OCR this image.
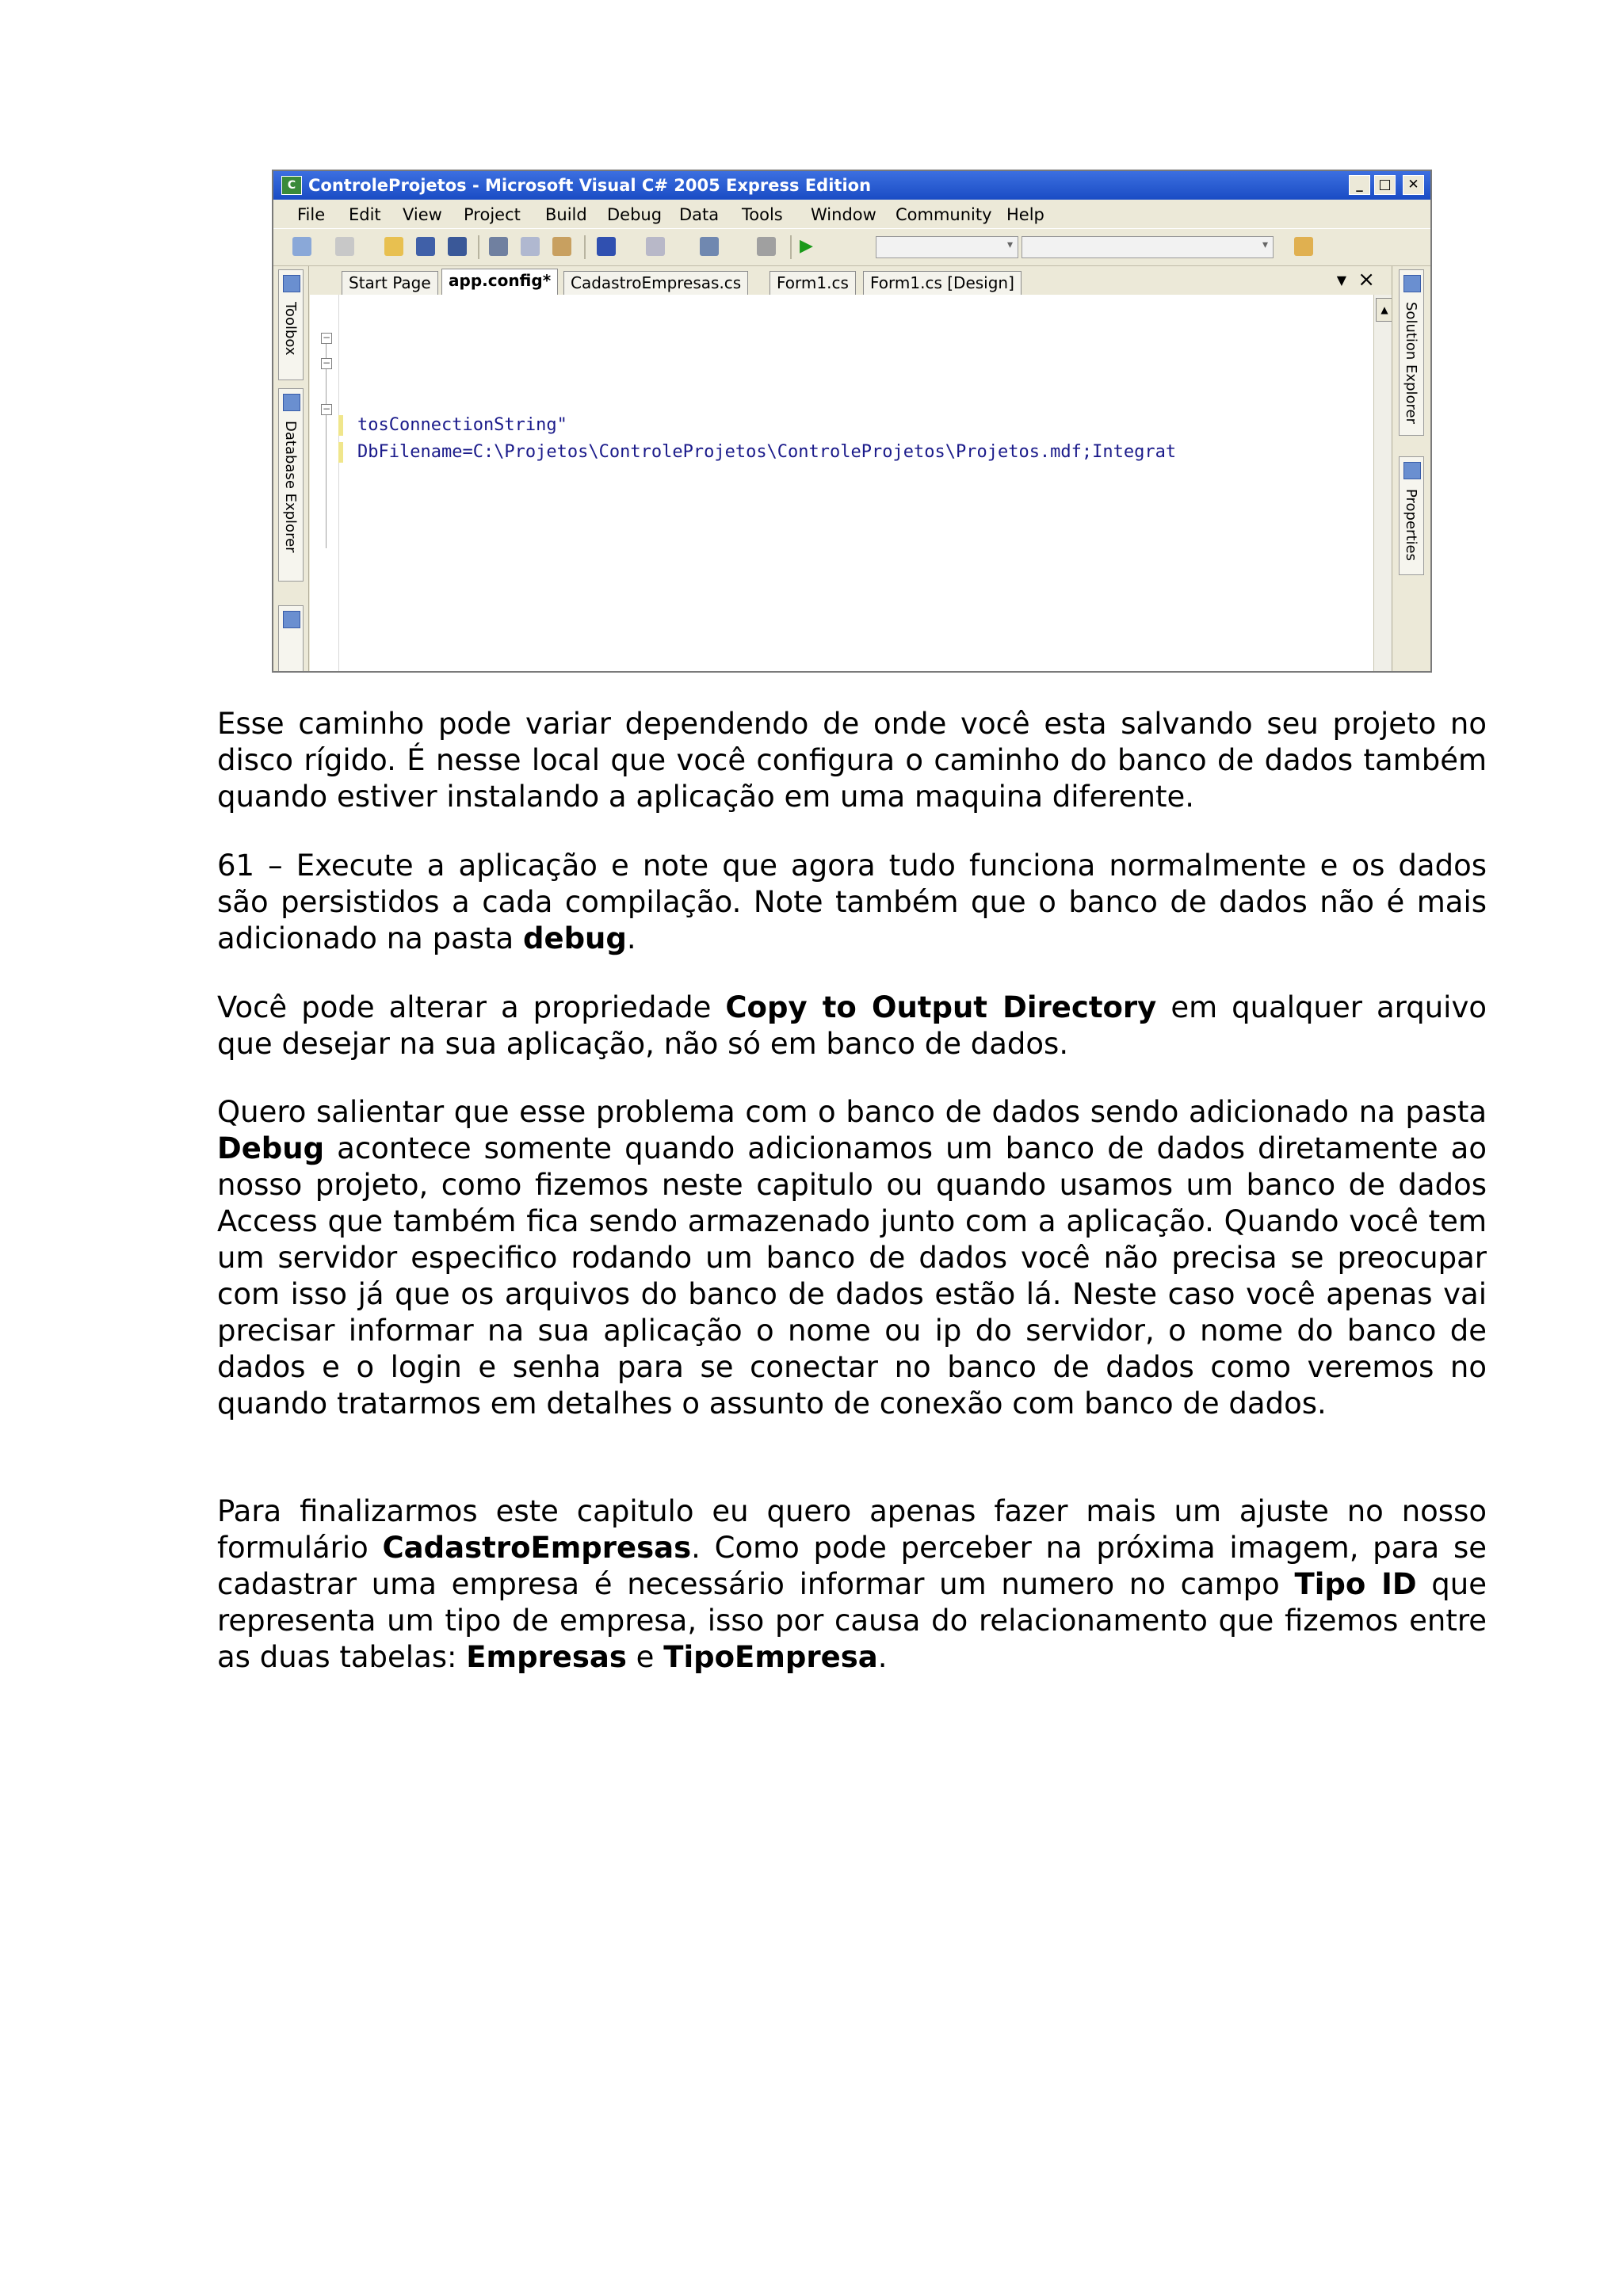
C ControleProjetos - Microsoft Visual C# 2005 Express Edition	_	□	✕
File Edit View Project Build Debug Data Tools Window Community Help
▶	▾	▾
Toolbox
Database Explorer
Start Page	app.config*	CadastroEmpresas.cs	Form1.cs	Form1.cs [Design]	▼ ×
−
−
−
tosConnectionString"
DbFilename=C:\Projetos\ControleProjetos\ControleProjetos\Projetos.mdf;Integrat
▲	Solution Explorer
Properties

Esse caminho pode variar dependendo de onde você esta salvando seu projeto no disco rígido. É nesse local que você configura o caminho do banco de dados também quando estiver instalando a aplicação em uma maquina diferente.

61 – Execute a aplicação e note que agora tudo funciona normalmente e os dados são persistidos a cada compilação. Note também que o banco de dados não é mais adicionado na pasta debug.

Você pode alterar a propriedade Copy to Output Directory em qualquer arquivo que desejar na sua aplicação, não só em banco de dados.

Quero salientar que esse problema com o banco de dados sendo adicionado na pasta Debug acontece somente quando adicionamos um banco de dados diretamente ao nosso projeto, como fizemos neste capitulo ou quando usamos um banco de dados Access que também fica sendo armazenado junto com a aplicação. Quando você tem um servidor especifico rodando um banco de dados você não precisa se preocupar com isso já que os arquivos do banco de dados estão lá. Neste caso você apenas vai precisar informar na sua aplicação o nome ou ip do servidor, o nome do banco de dados e o login e senha para se conectar no banco de dados como veremos no quando tratarmos em detalhes o assunto de conexão com banco de dados.

Para finalizarmos este capitulo eu quero apenas fazer mais um ajuste no nosso formulário CadastroEmpresas. Como pode perceber na próxima imagem, para se cadastrar uma empresa é necessário informar um numero no campo Tipo ID que representa um tipo de empresa, isso por causa do relacionamento que fizemos entre as duas tabelas: Empresas e TipoEmpresa.
